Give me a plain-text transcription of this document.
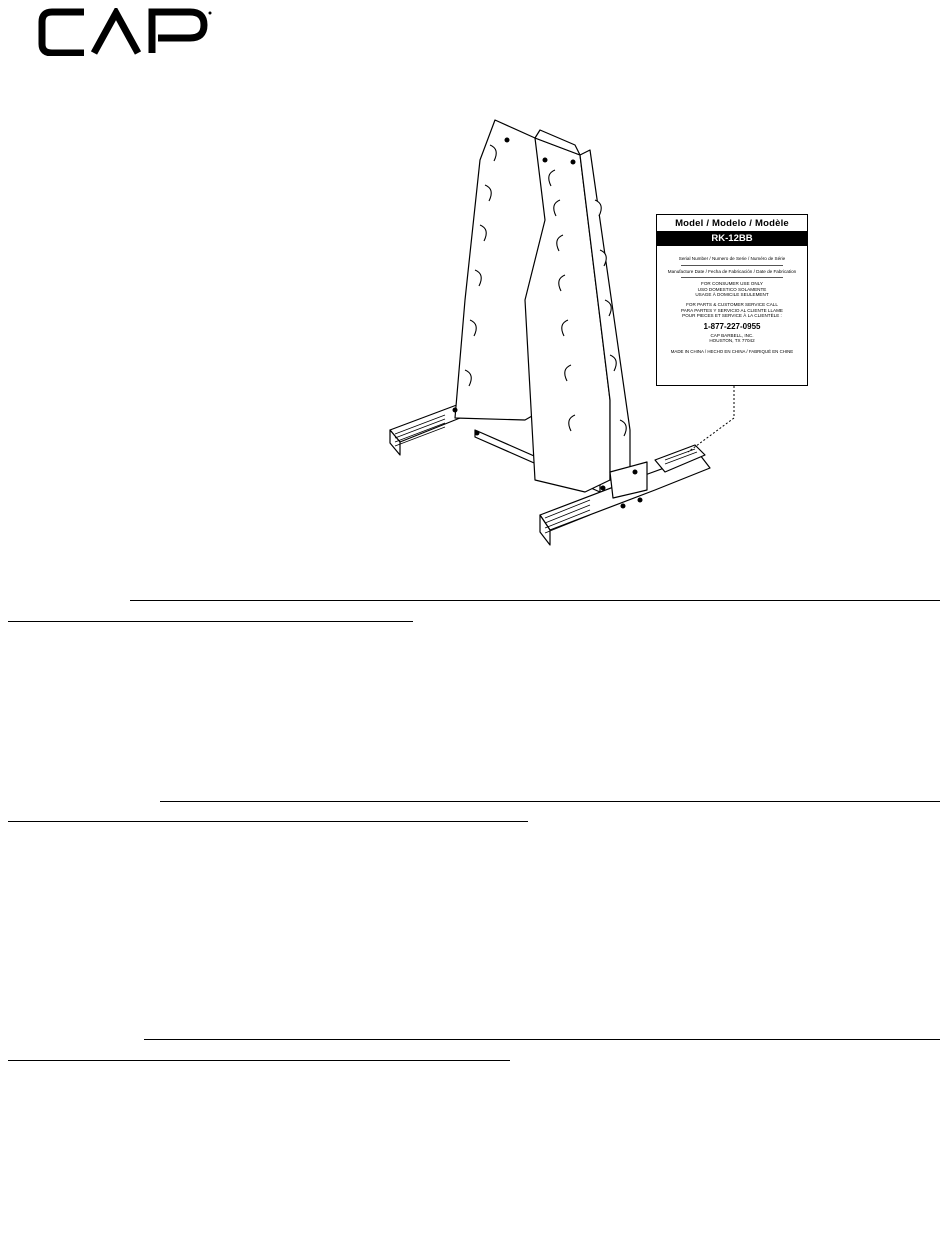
Model / Modelo / Modèle
RK-12BB
Serial Number / Numero de Serie / Numéro de Série
Manufacture Date / Fecha de Fabricación / Date de Fabrication
FOR CONSUMER USE ONLY
USO DOMESTICO SOLAMENTE
USAGE À DOMICILE SEULEMENT
FOR PARTS & CUSTOMER SERVICE CALL
PARA PARTES Y SERVICIO AL CLIENTE LLAME
POUR PIECES ET SERVICE À LA CLIENTÈLE :
1-877-227-0955
CAP BARBELL, INC.
HOUSTON, TX 77042
MADE IN CHINA / HECHO EN CHINA / FABRIQUÉ EN CHINE
